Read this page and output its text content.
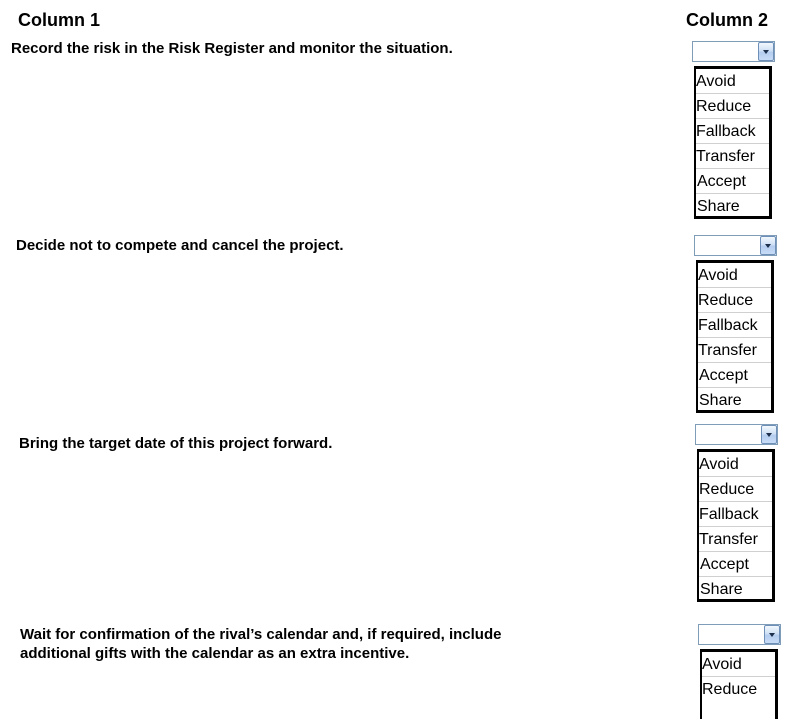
Column 1	Column 2
Record the risk in the Risk Register and monitor the situation.
Avoid
Reduce
Fallback
Transfer
Accept
Share
Decide not to compete and cancel the project.
Avoid
Reduce
Fallback
Transfer
Accept
Share
Bring the target date of this project forward.
Avoid
Reduce
Fallback
Transfer
Accept
Share
Wait for confirmation of the rival’s calendar and, if required, include
additional gifts with the calendar as an extra incentive.
Avoid
Reduce
